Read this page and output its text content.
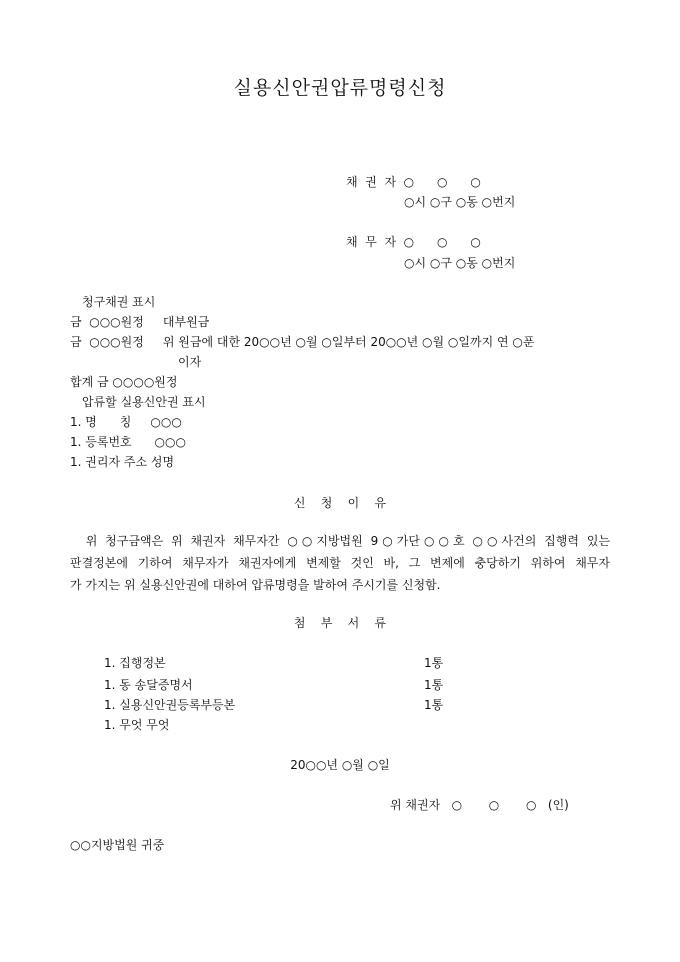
실용신안권압류명령신청
채  권  자  ○      ○      ○
○시 ○구 ○동 ○번지
채  무  자  ○      ○      ○
○시 ○구 ○동 ○번지
청구채권 표시
금  ○○○원정     대부원금
금  ○○○원정     위 원금에 대한 20○○년 ○월 ○일부터 20○○년 ○월 ○일까지 연 ○푼
이자
합계 금 ○○○○원정
압류할 실용신안권 표시
1. 명      칭     ○○○
1. 등록번호      ○○○
1. 권리자 주소 성명
신    청    이    유
위 청구금액은 위 채권자 채무자간 ○○지방법원 9○가단○○호 ○○사건의 집행력 있는
판결정본에 기하여 채무자가 채권자에게 변제할 것인 바, 그 변제에 충당하기 위하여 채무자
가 가지는 위 실용신안권에 대하여 압류명령을 발하여 주시기를 신청함.
첨    부    서    류
1. 집행정본	1통
1. 동 송달증명서	1통
1. 실용신안권등록부등본	1통
1. 무엇 무엇
20○○년 ○월 ○일
위 채권자   ○       ○       ○   (인)
○○지방법원 귀중
